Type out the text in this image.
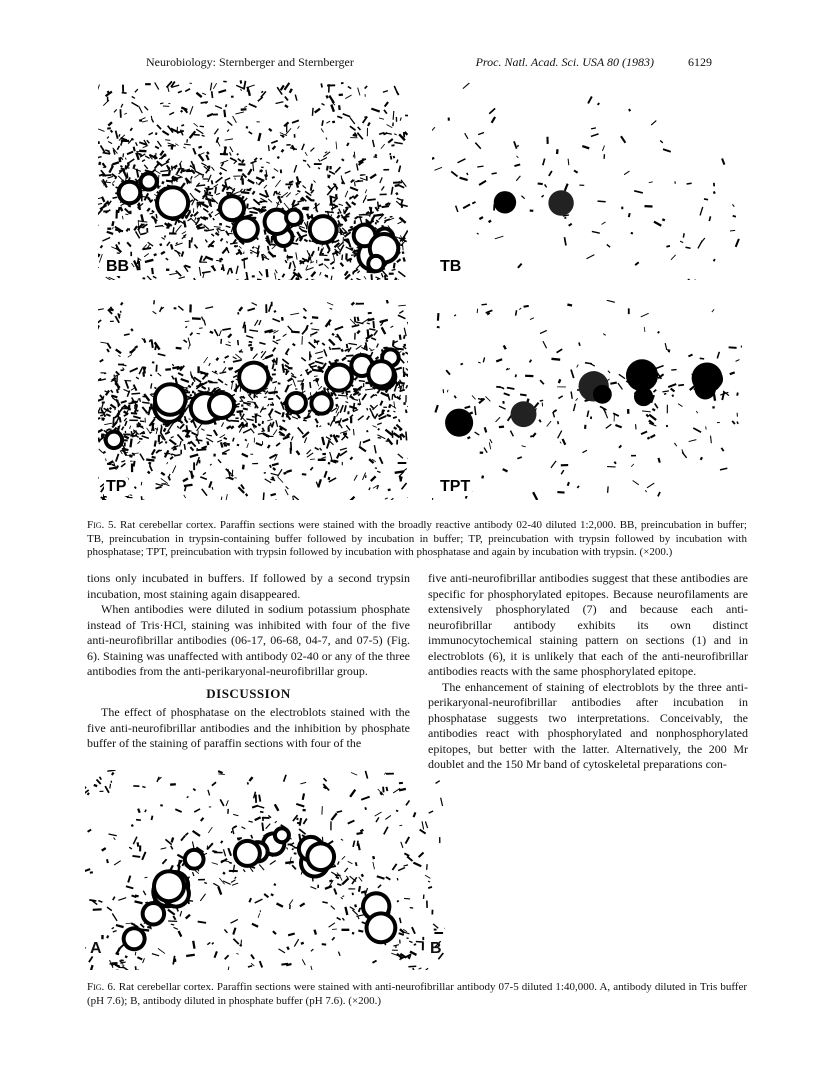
Neurobiology: Sternberger and Sternberger	Proc. Natl. Acad. Sci. USA 80 (1983)	6129
BB	TB
TP	TPT
Fig. 5. Rat cerebellar cortex. Paraffin sections were stained with the broadly reactive antibody 02-40 diluted 1:2,000. BB, preincubation in buffer; TB, preincubation in trypsin-containing buffer followed by incubation in buffer; TP, preincubation with trypsin followed by incubation with phosphatase; TPT, preincubation with trypsin followed by incubation with phosphatase and again by incubation with trypsin. (×200.)

tions only incubated in buffers. If followed by a second trypsin incubation, most staining again disappeared.

When antibodies were diluted in sodium potassium phosphate instead of Tris·HCl, staining was inhibited with four of the five anti-neurofibrillar antibodies (06-17, 06-68, 04-7, and 07-5) (Fig. 6). Staining was unaffected with antibody 02-40 or any of the three antibodies from the anti-perikaryonal-neurofibrillar group.

DISCUSSION

The effect of phosphatase on the electroblots stained with the five anti-neurofibrillar antibodies and the inhibition by phosphate buffer of the staining of paraffin sections with four of the

five anti-neurofibrillar antibodies suggest that these antibodies are specific for phosphorylated epitopes. Because neurofilaments are extensively phosphorylated (7) and because each anti-neurofibrillar antibody exhibits its own distinct immunocytochemical staining pattern on sections (1) and in electroblots (6), it is unlikely that each of the anti-neurofibrillar antibodies reacts with the same phosphorylated epitope.

The enhancement of staining of electroblots by the three anti-perikaryonal-neurofibrillar antibodies after incubation in phosphatase suggests two interpretations. Conceivably, the antibodies react with phosphorylated and nonphosphorylated epitopes, but better with the latter. Alternatively, the 200 Mr doublet and the 150 Mr band of cytoskeletal preparations con-

A	B
Fig. 6. Rat cerebellar cortex. Paraffin sections were stained with anti-neurofibrillar antibody 07-5 diluted 1:40,000. A, antibody diluted in Tris buffer (pH 7.6); B, antibody diluted in phosphate buffer (pH 7.6). (×200.)
